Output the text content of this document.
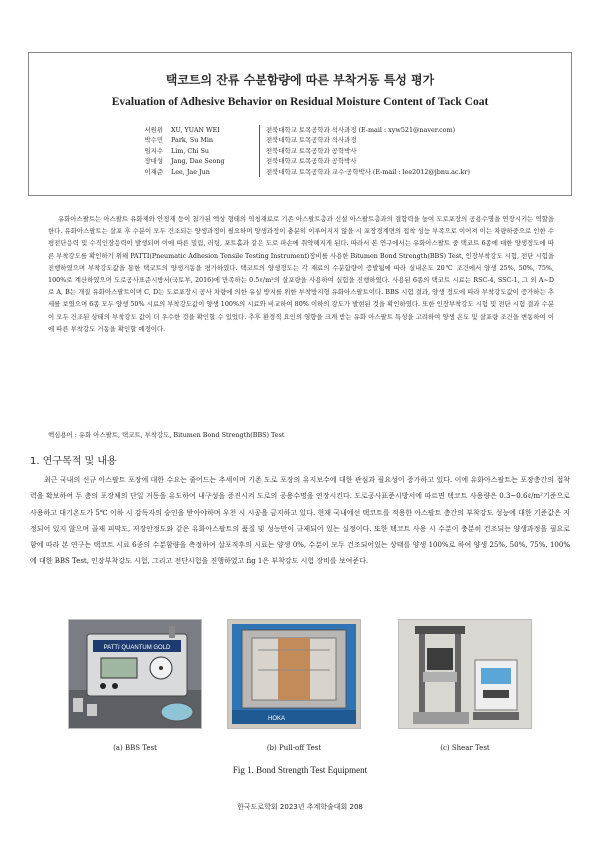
택코트의 잔류 수분함량에 따른 부착거동 특성 평가
Evaluation of Adhesive Behavior on Residual Moisture Content of Tack Coat
서원위 XU, YUAN WEI	전북대학교 토목공학과 석사과정 (E-mail : xyw521@naver.com)
박수민 Park, Su Min	전북대학교 토목공학과 석사과정
임지수 Lim, Chi Su	전북대학교 토목공학과 공학박사
장대성 Jang, Dae Seong	전북대학교 토목공학과 공학박사
이재준 Lee, Jae Jun	전북대학교 토목공학과 교수·공학박사 (E-mail : lee2012@jbnu.ac.kr)
유화아스팔트는 아스팔트 유화제와 안정제 등이 첨가된 액상 형태의 역청재료로 기존 아스팔트층과 신설 아스팔트층과의 결합력을 높여 도로포장의 공용수명을 연장시키는 역할을 한다. 유화아스팔트는 살포 후 수분이 모두 건조되는 양생과정이 필요하며 양생과정이 충분히 이루어지지 않을 시 포장경계면의 접착 성능 부족으로 이어져 이는 차량하중으로 인한 수평전단응력 및 수직인장응력이 발생되며 이에 따른 밀림, 러팅, 포트홀과 같은 도로 파손에 취약해지게 된다. 따라서 본 연구에서는 유화아스팔트 중 택코트 6종에 대한 양생정도에 따른 부착강도를 확인하기 위해 PATTI(Pneumatic Adhesion Tensile Testing Instrument)장비를 사용한 Bitumen Bond Strength(BBS) Test, 인장부착강도 시험, 전단 시험을 진행하였으며 부착강도값을 통한 택코트의 양생거동을 평가하였다. 택코트의 양생정도는 각 재료의 수분함량이 증발됨에 따라 실내온도 20℃ 조건에서 양생 25%, 50%, 75%, 100%로 계산하였으며 도로공사표준시방서(국토부, 2016)에 만족하는 0.5ℓ/m²의 살포량을 사용하여 실험을 진행하였다. 사용된 6종의 택코트 시료는 RSC-4, SSC-1, 그 외 A~D로 A, B는 개질 유화아스팔트이며 C, D는 도로포장시 공사 차량에 의한 유실 방지를 위한 부착방지형 유화아스팔트이다. BBS 시험 결과, 양생 정도에 따라 부착강도값이 증가하는 추세를 보였으며 6종 모두 양생 50% 시료의 부착강도값이 양생 100%의 시료와 비교하여 80% 이하의 강도가 발현된 것을 확인하였다. 또한 인장부착강도 시험 및 전단 시험 결과 수분이 모두 건조된 상태의 부착강도 값이 더 우수한 것을 확인할 수 있었다. 추후 환경적 요인의 영향을 크게 받는 유화 아스팔트 특성을 고려하여 양생 온도 및 살포량 조건을 변동하여 이에 따른 부착강도 거동을 확인할 예정이다.
핵심용어 : 유화 아스팔트, 택코트, 부착강도, Bitumen Bond Strength(BBS) Test
1. 연구목적 및 내용
최근 국내의 신규 아스팔트 포장에 대한 수요는 줄어드는 추세이며 기존 도로 포장의 유지보수에 대한 관심과 필요성이 증가하고 있다. 이에 유화아스팔트는 포장층간의 접착력을 확보하여 두 층의 포장체의 단일 거동을 유도하여 내구성을 증진시켜 도로의 공용수명을 연장시킨다. 도로공사표준시방서에 따르면 택코트 사용량은 0.3~0.6ℓ/m²기준으로 사용하고 대기온도가 5℃ 이하 시 감독자의 승인을 받아야하며 우천 시 시공을 금지하고 있다. 현재 국내에선 택코트를 적용한 아스팔트 층간의 부착강도 성능에 대한 기준값은 지정되어 있지 않으며 골재 피막도, 저장안정도와 같은 유화아스팔트의 품질 및 성능만이 규제되어 있는 실정이다. 또한 택코트 사용 시 수분이 충분히 건조되는 양생과정을 필요로 함에 따라 본 연구는 택코트 시료 6종의 수분함량을 측정하여 살포직후의 시료는 양생 0%, 수분이 모두 건조되어있는 상태를 양생 100%로 하여 양생 25%, 50%, 75%, 100%에 대한 BBS Test, 인장부착강도 시험, 그리고 전단시험을 진행하였고 fig 1은 부착강도 시험 장비를 보여준다.
PATTI QUANTUM GOLD
HOKA
(a) BBS Test	(b) Pull-off Test	(c) Shear Test
Fig 1. Bond Strength Test Equipment
한국도로학회 2023년 추계학술대회 208
